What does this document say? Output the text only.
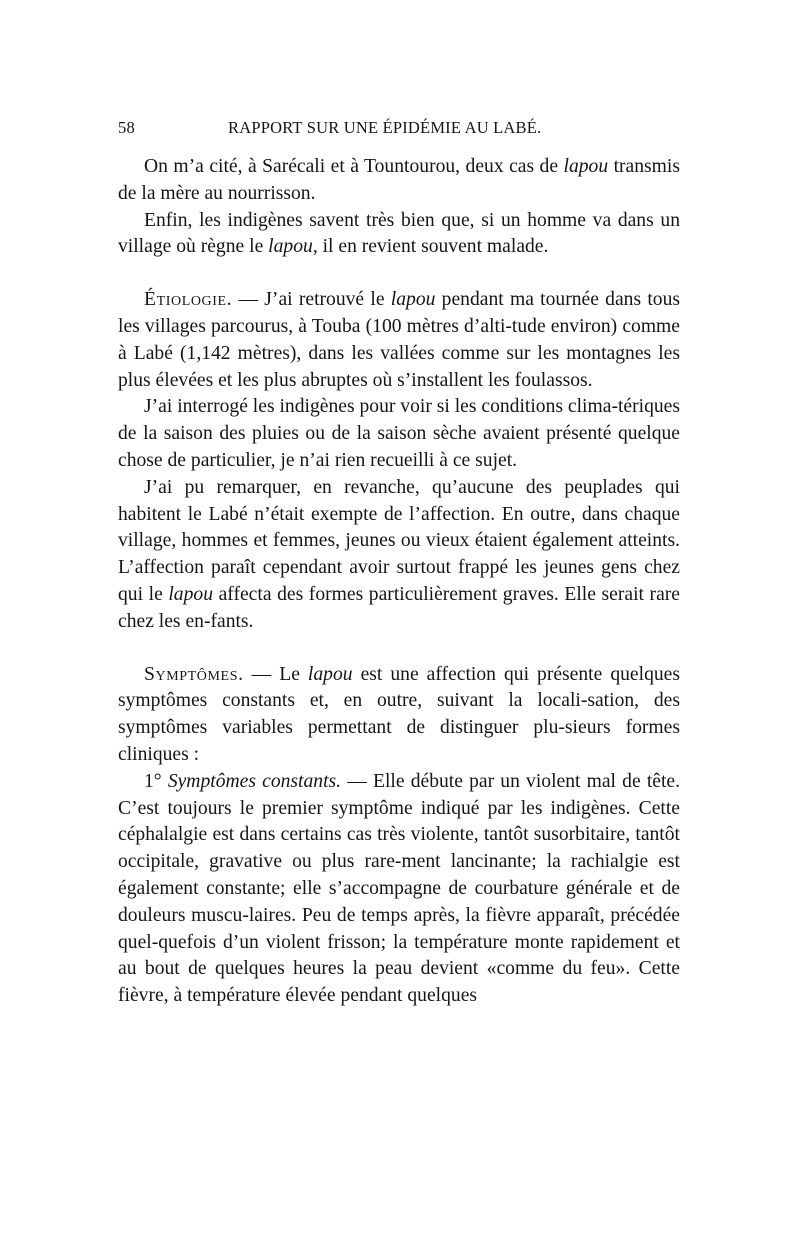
58	RAPPORT SUR UNE ÉPIDÉMIE AU LABÉ.

On m’a cité, à Sarécali et à Tountourou, deux cas de lapou transmis de la mère au nourrisson.

Enfin, les indigènes savent très bien que, si un homme va dans un village où règne le lapou, il en revient souvent malade.

Étiologie. — J’ai retrouvé le lapou pendant ma tournée dans tous les villages parcourus, à Touba (100 mètres d’alti-tude environ) comme à Labé (1,142 mètres), dans les vallées comme sur les montagnes les plus élevées et les plus abruptes où s’installent les foulassos.

J’ai interrogé les indigènes pour voir si les conditions clima-tériques de la saison des pluies ou de la saison sèche avaient présenté quelque chose de particulier, je n’ai rien recueilli à ce sujet.

J’ai pu remarquer, en revanche, qu’aucune des peuplades qui habitent le Labé n’était exempte de l’affection. En outre, dans chaque village, hommes et femmes, jeunes ou vieux étaient également atteints. L’affection paraît cependant avoir surtout frappé les jeunes gens chez qui le lapou affecta des formes particulièrement graves. Elle serait rare chez les en-fants.

Symptômes. — Le lapou est une affection qui présente quelques symptômes constants et, en outre, suivant la locali-sation, des symptômes variables permettant de distinguer plu-sieurs formes cliniques :

1° Symptômes constants. — Elle débute par un violent mal de tête. C’est toujours le premier symptôme indiqué par les indigènes. Cette céphalalgie est dans certains cas très violente, tantôt susorbitaire, tantôt occipitale, gravative ou plus rare-ment lancinante; la rachialgie est également constante; elle s’accompagne de courbature générale et de douleurs muscu-laires. Peu de temps après, la fièvre apparaît, précédée quel-quefois d’un violent frisson; la température monte rapidement et au bout de quelques heures la peau devient «comme du feu». Cette fièvre, à température élevée pendant quelques
